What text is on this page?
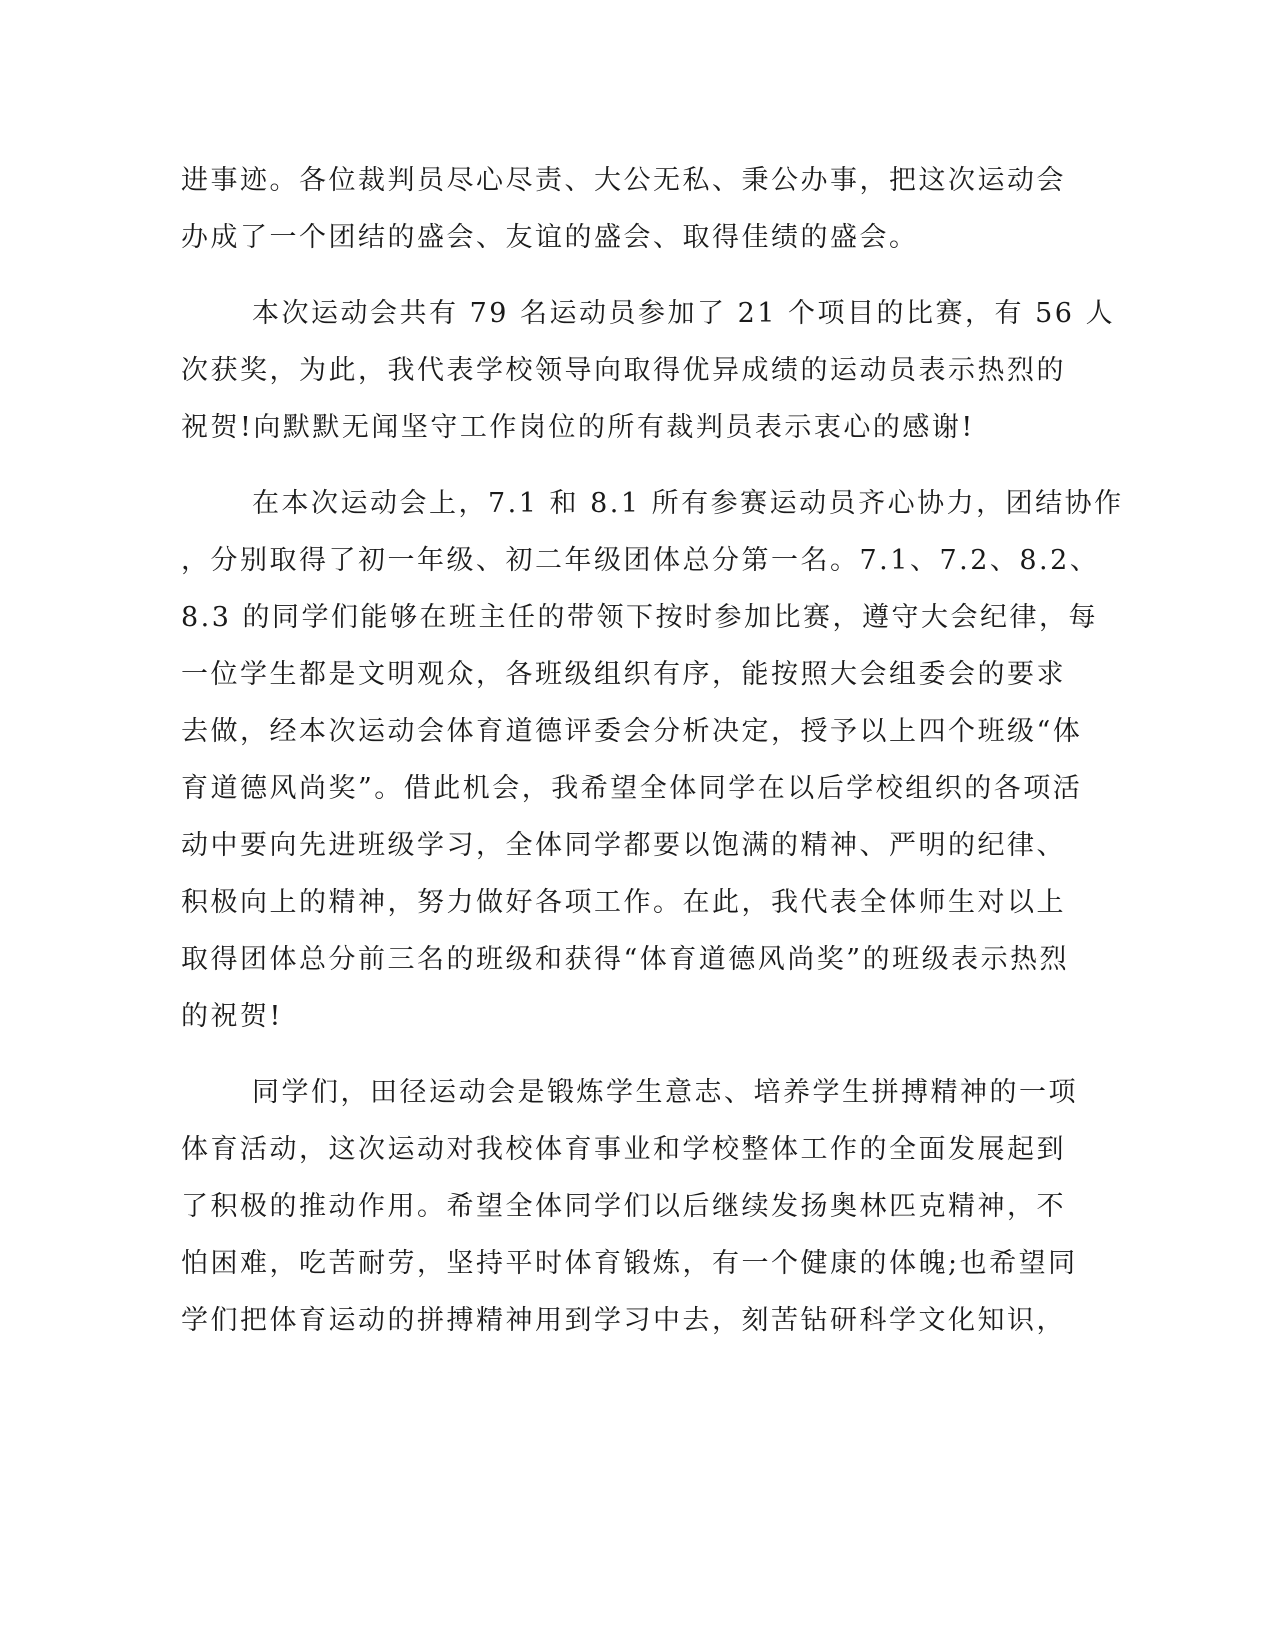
进事迹。各位裁判员尽心尽责、大公无私、秉公办事，把这次运动会
办成了一个团结的盛会、友谊的盛会、取得佳绩的盛会。
本次运动会共有 79 名运动员参加了 21 个项目的比赛，有 56 人
次获奖，为此，我代表学校领导向取得优异成绩的运动员表示热烈的
祝贺!向默默无闻坚守工作岗位的所有裁判员表示衷心的感谢!
在本次运动会上，7.1 和 8.1 所有参赛运动员齐心协力，团结协作
，分别取得了初一年级、初二年级团体总分第一名。7.1、7.2、8.2、
8.3 的同学们能够在班主任的带领下按时参加比赛，遵守大会纪律，每
一位学生都是文明观众，各班级组织有序，能按照大会组委会的要求
去做，经本次运动会体育道德评委会分析决定，授予以上四个班级“体
育道德风尚奖”。借此机会，我希望全体同学在以后学校组织的各项活
动中要向先进班级学习，全体同学都要以饱满的精神、严明的纪律、
积极向上的精神，努力做好各项工作。在此，我代表全体师生对以上
取得团体总分前三名的班级和获得“体育道德风尚奖”的班级表示热烈
的祝贺!
同学们，田径运动会是锻炼学生意志、培养学生拼搏精神的一项
体育活动，这次运动对我校体育事业和学校整体工作的全面发展起到
了积极的推动作用。希望全体同学们以后继续发扬奥林匹克精神，不
怕困难，吃苦耐劳，坚持平时体育锻炼，有一个健康的体魄;也希望同
学们把体育运动的拼搏精神用到学习中去，刻苦钻研科学文化知识，
